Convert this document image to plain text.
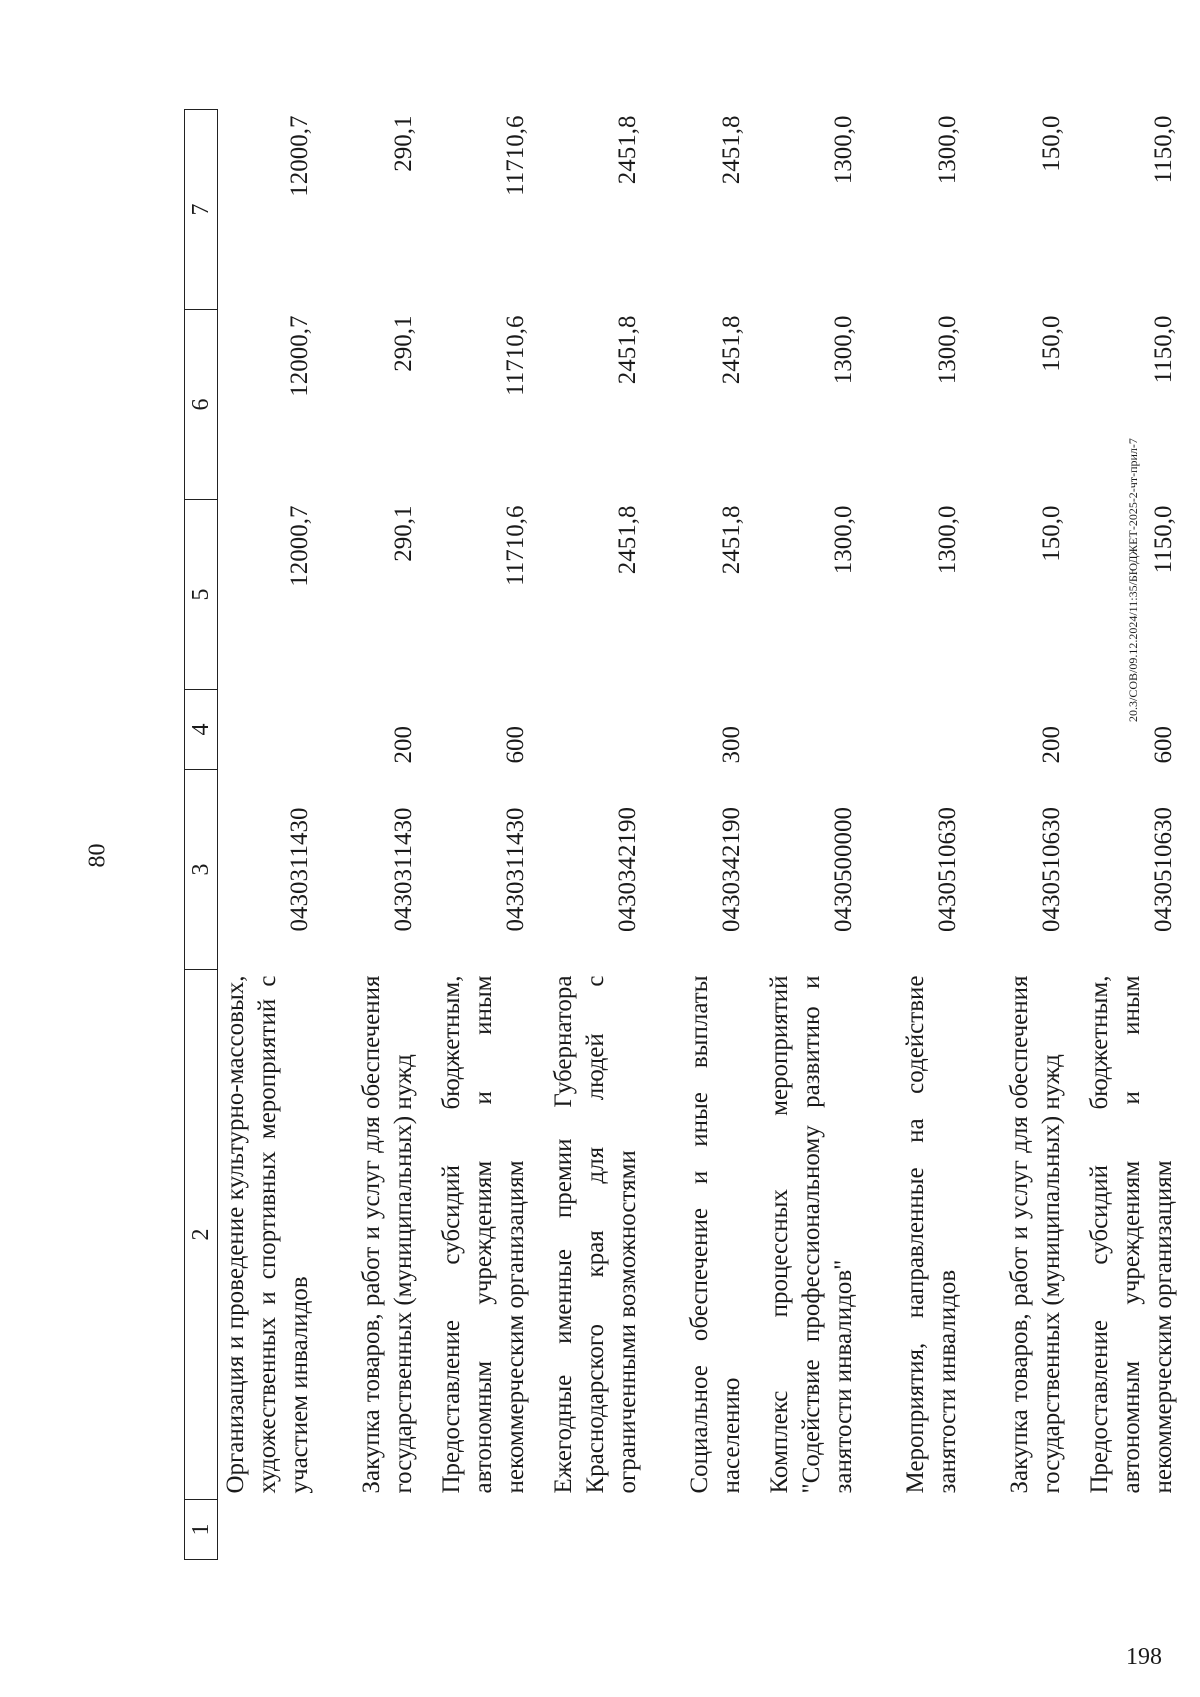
80
20.3/СОВ/09.12.2024/11:35/БЮДЖЕТ-2025-2-чт-прил-7
198
1	2	3	4	5	6	7
	Организация и проведение культурно-массовых, художественных и спортивных мероприятий с участием инвалидов	0430311430		12000,7	12000,7	12000,7
	Закупка товаров, работ и услуг для обеспечения государственных (муниципальных) нужд	0430311430	200	290,1	290,1	290,1
	Предоставление субсидий бюджетным, автономным учреждениям и иным некоммерческим организациям	0430311430	600	11710,6	11710,6	11710,6
	Ежегодные именные премии Губернатора Краснодарского края для людей с ограниченными возможностями	0430342190		2451,8	2451,8	2451,8
	Социальное обеспечение и иные выплаты населению	0430342190	300	2451,8	2451,8	2451,8
	Комплекс процессных мероприятий "Содействие профессиональному развитию и занятости инвалидов"	0430500000		1300,0	1300,0	1300,0
	Мероприятия, направленные на содействие занятости инвалидов	0430510630		1300,0	1300,0	1300,0
	Закупка товаров, работ и услуг для обеспечения государственных (муниципальных) нужд	0430510630	200	150,0	150,0	150,0
	Предоставление субсидий бюджетным, автономным учреждениям и иным некоммерческим организациям	0430510630	600	1150,0	1150,0	1150,0
